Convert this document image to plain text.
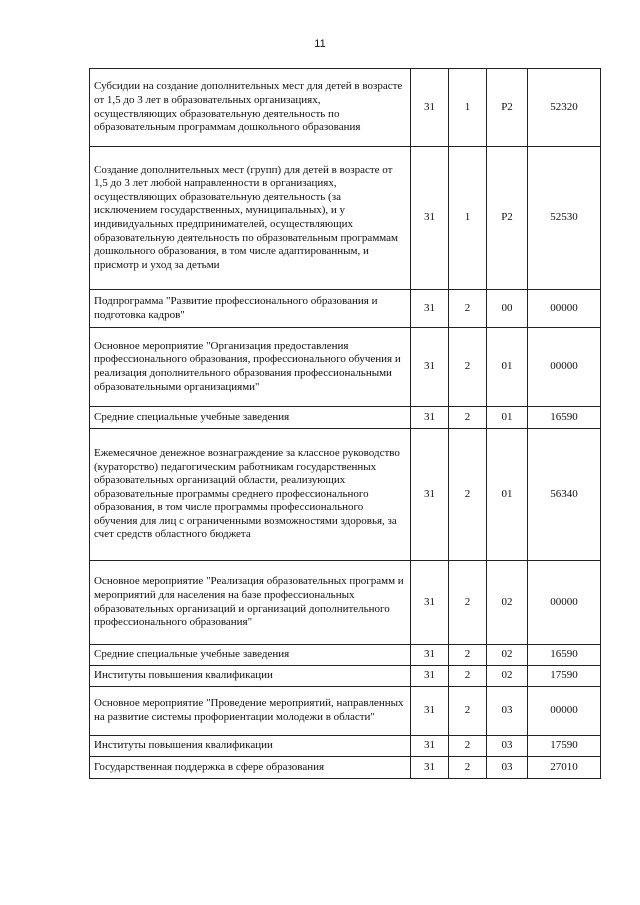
11
Субсидии на создание дополнительных мест для детей в возрасте от 1,5 до 3 лет в образовательных организациях, осуществляющих образовательную деятельность по образовательным программам дошкольного образования	31	1	P2	52320
Создание дополнительных мест (групп) для детей в возрасте от 1,5 до 3 лет любой направленности в организациях, осуществляющих образовательную деятельность (за исключением государственных, муниципальных), и у индивидуальных предпринимателей, осуществляющих образовательную деятельность по образовательным программам дошкольного образования, в том числе адаптированным, и присмотр и уход за детьми	31	1	P2	52530
Подпрограмма "Развитие профессионального образования и подготовка кадров"	31	2	00	00000
Основное мероприятие "Организация предоставления профессионального образования, профессионального обучения и реализация дополнительного образования профессиональными образовательными организациями"	31	2	01	00000
Средние специальные учебные заведения	31	2	01	16590
Ежемесячное денежное вознаграждение за классное руководство (кураторство) педагогическим работникам государственных образовательных организаций области, реализующих образовательные программы среднего профессионального образования, в том числе программы профессионального обучения для лиц с ограниченными возможностями здоровья, за счет средств областного бюджета	31	2	01	56340
Основное мероприятие "Реализация образовательных программ и мероприятий для населения на базе профессиональных образовательных организаций и организаций дополнительного профессионального образования"	31	2	02	00000
Средние специальные учебные заведения	31	2	02	16590
Институты повышения квалификации	31	2	02	17590
Основное мероприятие "Проведение мероприятий, направленных на развитие системы профориентации молодежи в области"	31	2	03	00000
Институты повышения квалификации	31	2	03	17590
Государственная поддержка в сфере образования	31	2	03	27010
